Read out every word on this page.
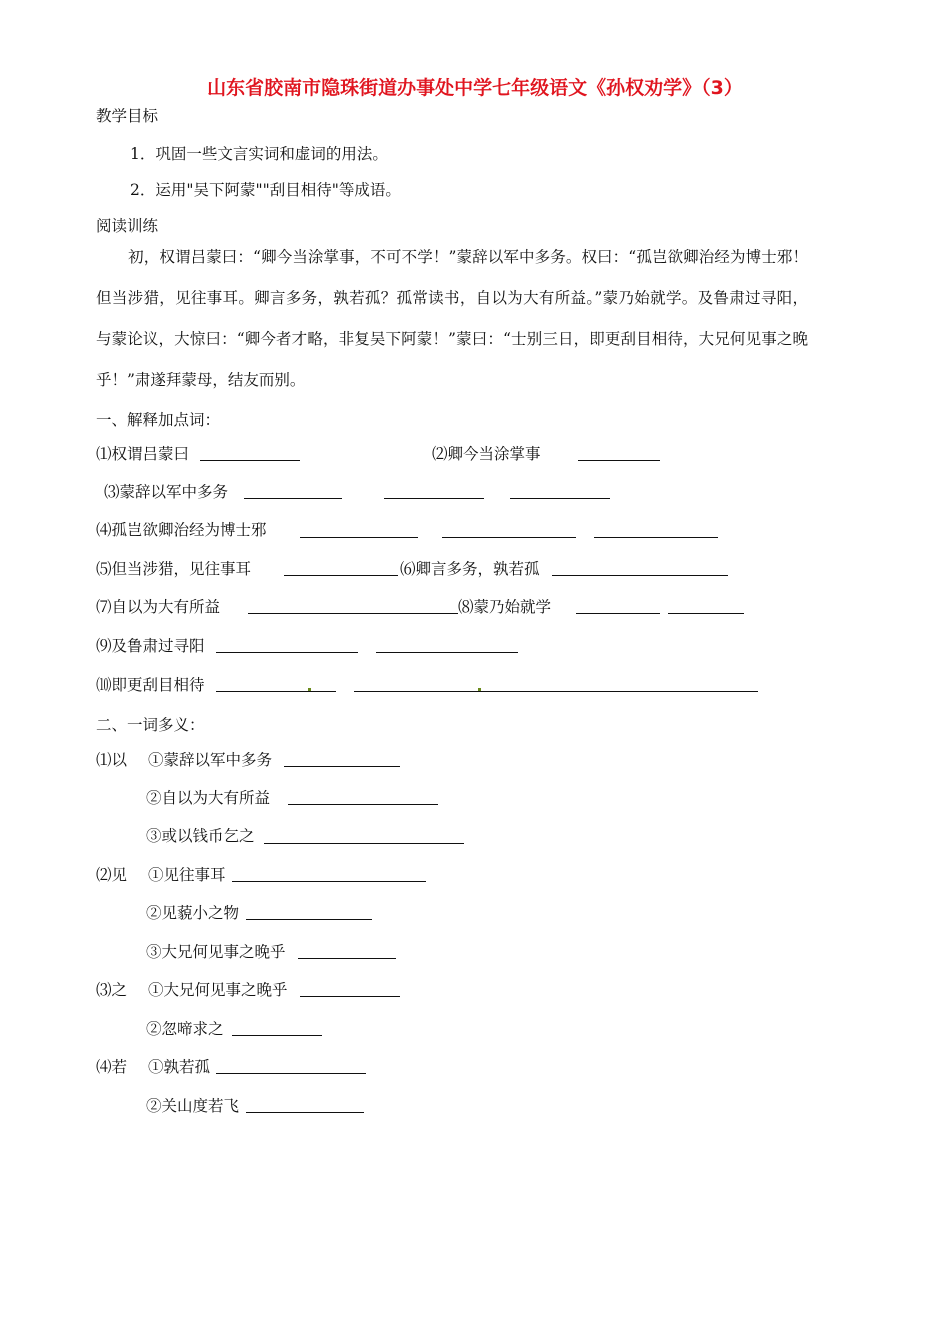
山东省胶南市隐珠街道办事处中学七年级语文《孙权劝学》（3）
教学目标
1．巩固一些文言实词和虚词的用法。
2．运用"吴下阿蒙""刮目相待"等成语。
阅读训练
初，权谓吕蒙曰：“卿今当涂掌事，不可不学！”蒙辞以军中多务。权曰：“孤岂欲卿治经为博士邪！但当涉猎，见往事耳。卿言多务，孰若孤？孤常读书，自以为大有所益。”蒙乃始就学。及鲁肃过寻阳，与蒙论议，大惊曰：“卿今者才略，非复吴下阿蒙！”蒙曰：“士别三日，即更刮目相待，大兄何见事之晚乎！”肃遂拜蒙母，结友而别。
一、解释加点词：
⑴权谓吕蒙曰	⑵卿今当涂掌事
⑶蒙辞以军中多务
⑷孤岂欲卿治经为博士邪
⑸但当涉猎，见往事耳	⑹卿言多务，孰若孤
⑺自以为大有所益	⑻蒙乃始就学
⑼及鲁肃过寻阳
⑽即更刮目相待
二、一词多义：
⑴以 ①蒙辞以军中多务
②自以为大有所益
③或以钱币乞之
⑵见 ①见往事耳
②见藐小之物
③大兄何见事之晚乎
⑶之 ①大兄何见事之晚乎
②忽啼求之
⑷若 ①孰若孤
②关山度若飞
